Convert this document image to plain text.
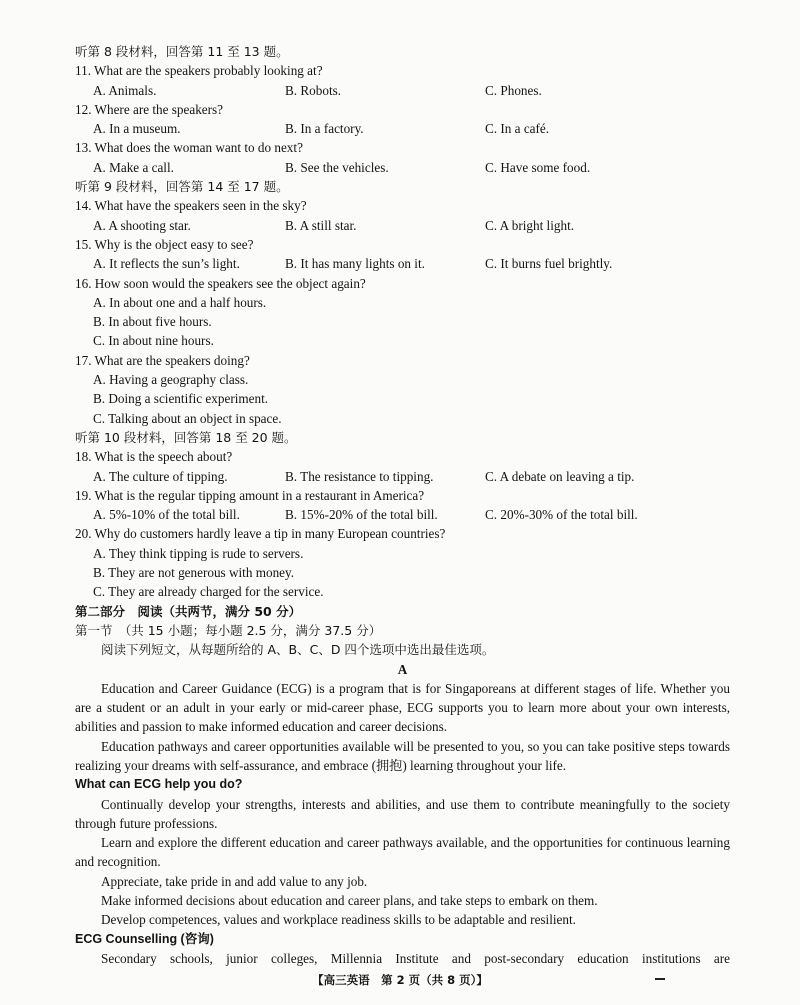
听第 8 段材料，回答第 11 至 13 题。
11. What are the speakers probably looking at?
A. Animals.	B. Robots.	C. Phones.
12. Where are the speakers?
A. In a museum.	B. In a factory.	C. In a café.
13. What does the woman want to do next?
A. Make a call.	B. See the vehicles.	C. Have some food.
听第 9 段材料，回答第 14 至 17 题。
14. What have the speakers seen in the sky?
A. A shooting star.	B. A still star.	C. A bright light.
15. Why is the object easy to see?
A. It reflects the sun’s light.	B. It has many lights on it.	C. It burns fuel brightly.
16. How soon would the speakers see the object again?
A. In about one and a half hours.
B. In about five hours.
C. In about nine hours.
17. What are the speakers doing?
A. Having a geography class.
B. Doing a scientific experiment.
C. Talking about an object in space.
听第 10 段材料，回答第 18 至 20 题。
18. What is the speech about?
A. The culture of tipping.	B. The resistance to tipping.	C. A debate on leaving a tip.
19. What is the regular tipping amount in a restaurant in America?
A. 5%-10% of the total bill.	B. 15%-20% of the total bill.	C. 20%-30% of the total bill.
20. Why do customers hardly leave a tip in many European countries?
A. They think tipping is rude to servers.
B. They are not generous with money.
C. They are already charged for the service.
第二部分　阅读（共两节，满分 50 分）
第一节　（共 15 小题；每小题 2.5 分，满分 37.5 分）
阅读下列短文，从每题所给的 A、B、C、D 四个选项中选出最佳选项。
A
Education and Career Guidance (ECG) is a program that is for Singaporeans at different stages of life. Whether you are a student or an adult in your early or mid-career phase, ECG supports you to learn more about your own interests, abilities and passion to make informed education and career decisions.
Education pathways and career opportunities available will be presented to you, so you can take positive steps towards realizing your dreams with self-assurance, and embrace (拥抱) learning throughout your life.
What can ECG help you do?
Continually develop your strengths, interests and abilities, and use them to contribute meaningfully to the society through future professions.
Learn and explore the different education and career pathways available, and the opportunities for continuous learning and recognition.
Appreciate, take pride in and add value to any job.
Make informed decisions about education and career plans, and take steps to embark on them.
Develop competences, values and workplace readiness skills to be adaptable and resilient.
ECG Counselling (咨询)
Secondary schools, junior colleges, Millennia Institute and post-secondary education institutions are
【高三英语　第 2 页（共 8 页）】
